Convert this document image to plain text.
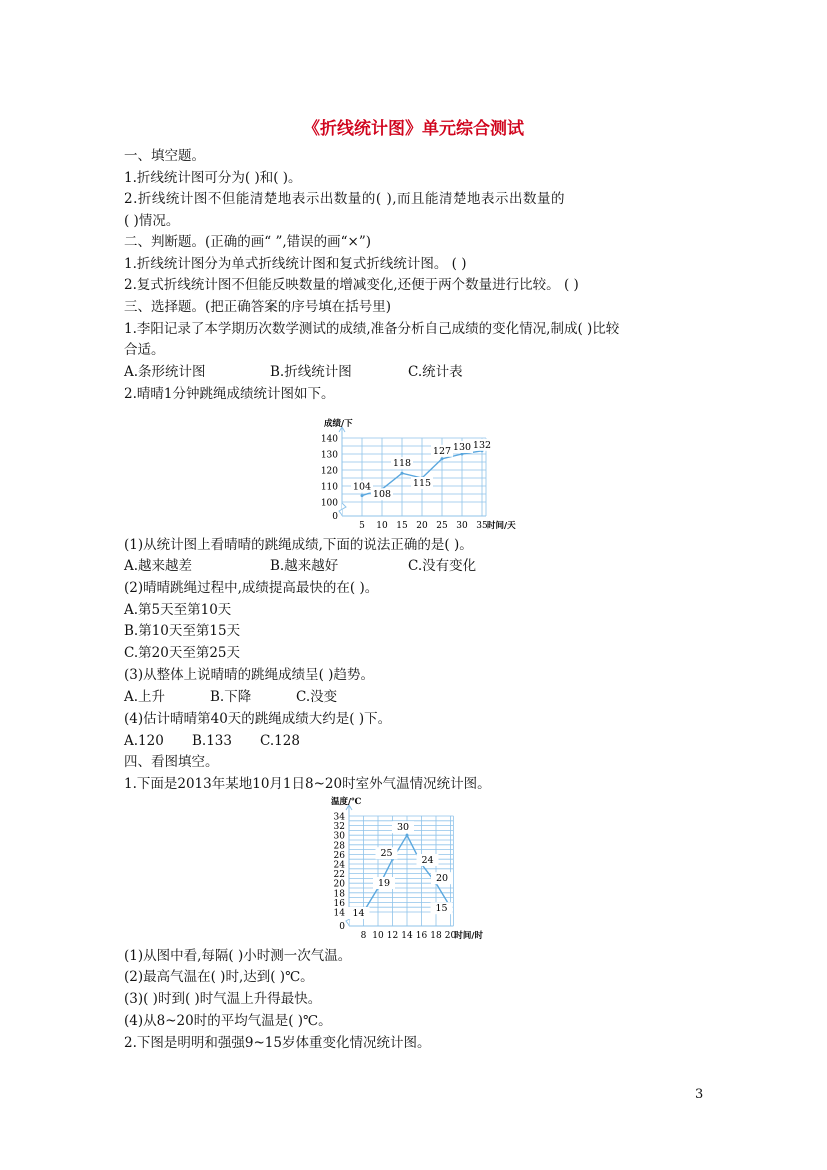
《折线统计图》单元综合测试
一、填空题。
1.折线统计图可分为( )和( )。
2.折线统计图不但能清楚地表示出数量的( ),而且能清楚地表示出数量的
( )情况。
二、判断题。(正确的画“ ”,错误的画“×”)
1.折线统计图分为单式折线统计图和复式折线统计图。 ( )
2.复式折线统计图不但能反映数量的增减变化,还便于两个数量进行比较。 ( )
三、选择题。(把正确答案的序号填在括号里)
1.李阳记录了本学期历次数学测试的成绩,准备分析自己成绩的变化情况,制成( )比较
合适。
A.条形统计图	B.折线统计图	C.统计表
2.晴晴1分钟跳绳成绩统计图如下。
0
100
110
120
130
140
5 10 15 20 25 30 35
成绩/下
时间/天
104
108
118
115
127 130 132
(1)从统计图上看晴晴的跳绳成绩,下面的说法正确的是( )。
A.越来越差	B.越来越好	C.没有变化
(2)晴晴跳绳过程中,成绩提高最快的在( )。
A.第5天至第10天
B.第10天至第15天
C.第20天至第25天
(3)从整体上说晴晴的跳绳成绩呈( )趋势。
A.上升	B.下降	C.没变
(4)估计晴晴第40天的跳绳成绩大约是( )下。
A.120 B.133 C.128
四、看图填空。
1.下面是2013年某地10月1日8~20时室外气温情况统计图。
0
14
16
18
20
22
24
26
28
30
32
34
8 10 12 14 16 18 20
温度/℃
时间/时
14
19
25
30
24
20
15
(1)从图中看,每隔( )小时测一次气温。
(2)最高气温在( )时,达到( )℃。
(3)( )时到( )时气温上升得最快。
(4)从8~20时的平均气温是( )℃。
2.下图是明明和强强9~15岁体重变化情况统计图。
3
